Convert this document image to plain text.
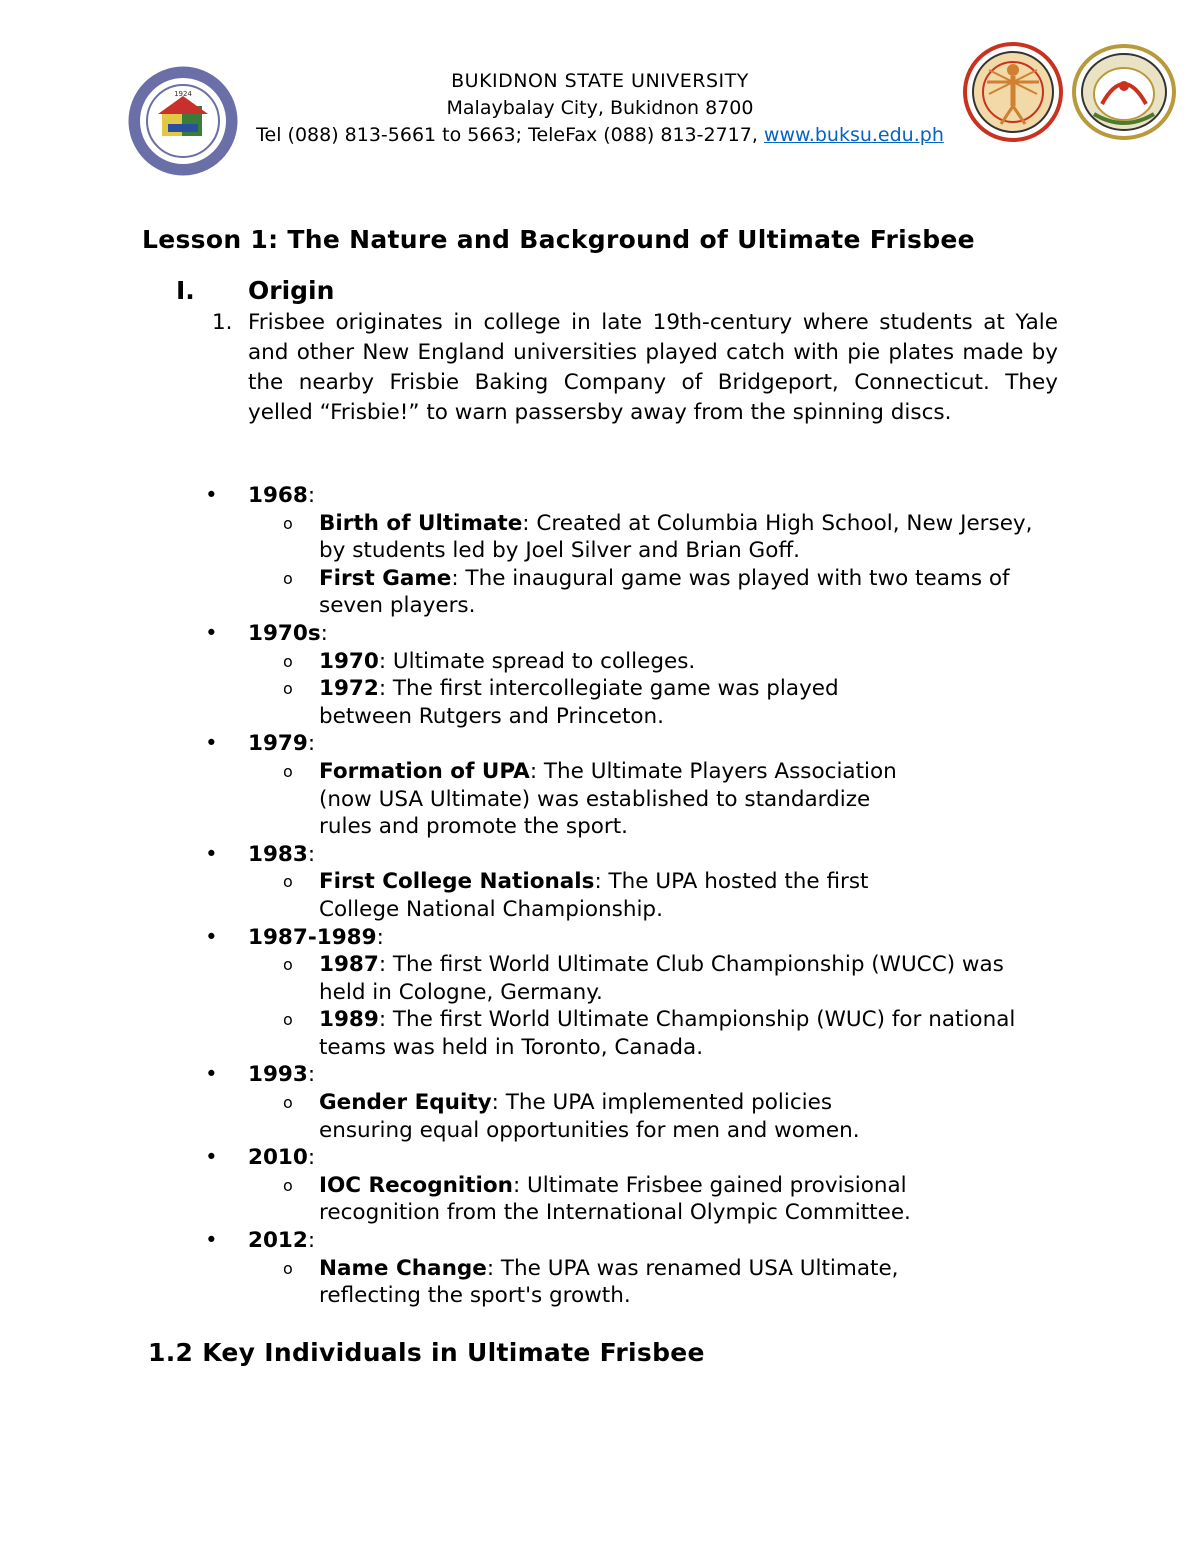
1924
BUKIDNON STATE UNIVERSITY
Malaybalay City, Bukidnon 8700
Tel (088) 813-5661 to 5663; TeleFax (088) 813-2717, www.buksu.edu.ph
Lesson 1: The Nature and Background of Ultimate Frisbee
I. Origin
1. Frisbee originates in college in late 19th-century where students at Yale and other New England universities played catch with pie plates made by the nearby Frisbie Baking Company of Bridgeport, Connecticut. They yelled “Frisbie!” to warn passersby away from the spinning discs.
• 1968:
o Birth of Ultimate: Created at Columbia High School, New Jersey, by students led by Joel Silver and Brian Goff.
o First Game: The inaugural game was played with two teams of seven players.
• 1970s:
o 1970: Ultimate spread to colleges.
o 1972: The first intercollegiate game was played between Rutgers and Princeton.
• 1979:
o Formation of UPA: The Ultimate Players Association (now USA Ultimate) was established to standardize rules and promote the sport.
• 1983:
o First College Nationals: The UPA hosted the first College National Championship.
• 1987-1989:
o 1987: The first World Ultimate Club Championship (WUCC) was held in Cologne, Germany.
o 1989: The first World Ultimate Championship (WUC) for national teams was held in Toronto, Canada.
• 1993:
o Gender Equity: The UPA implemented policies ensuring equal opportunities for men and women.
• 2010:
o IOC Recognition: Ultimate Frisbee gained provisional recognition from the International Olympic Committee.
• 2012:
o Name Change: The UPA was renamed USA Ultimate, reflecting the sport's growth.
1.2 Key Individuals in Ultimate Frisbee
